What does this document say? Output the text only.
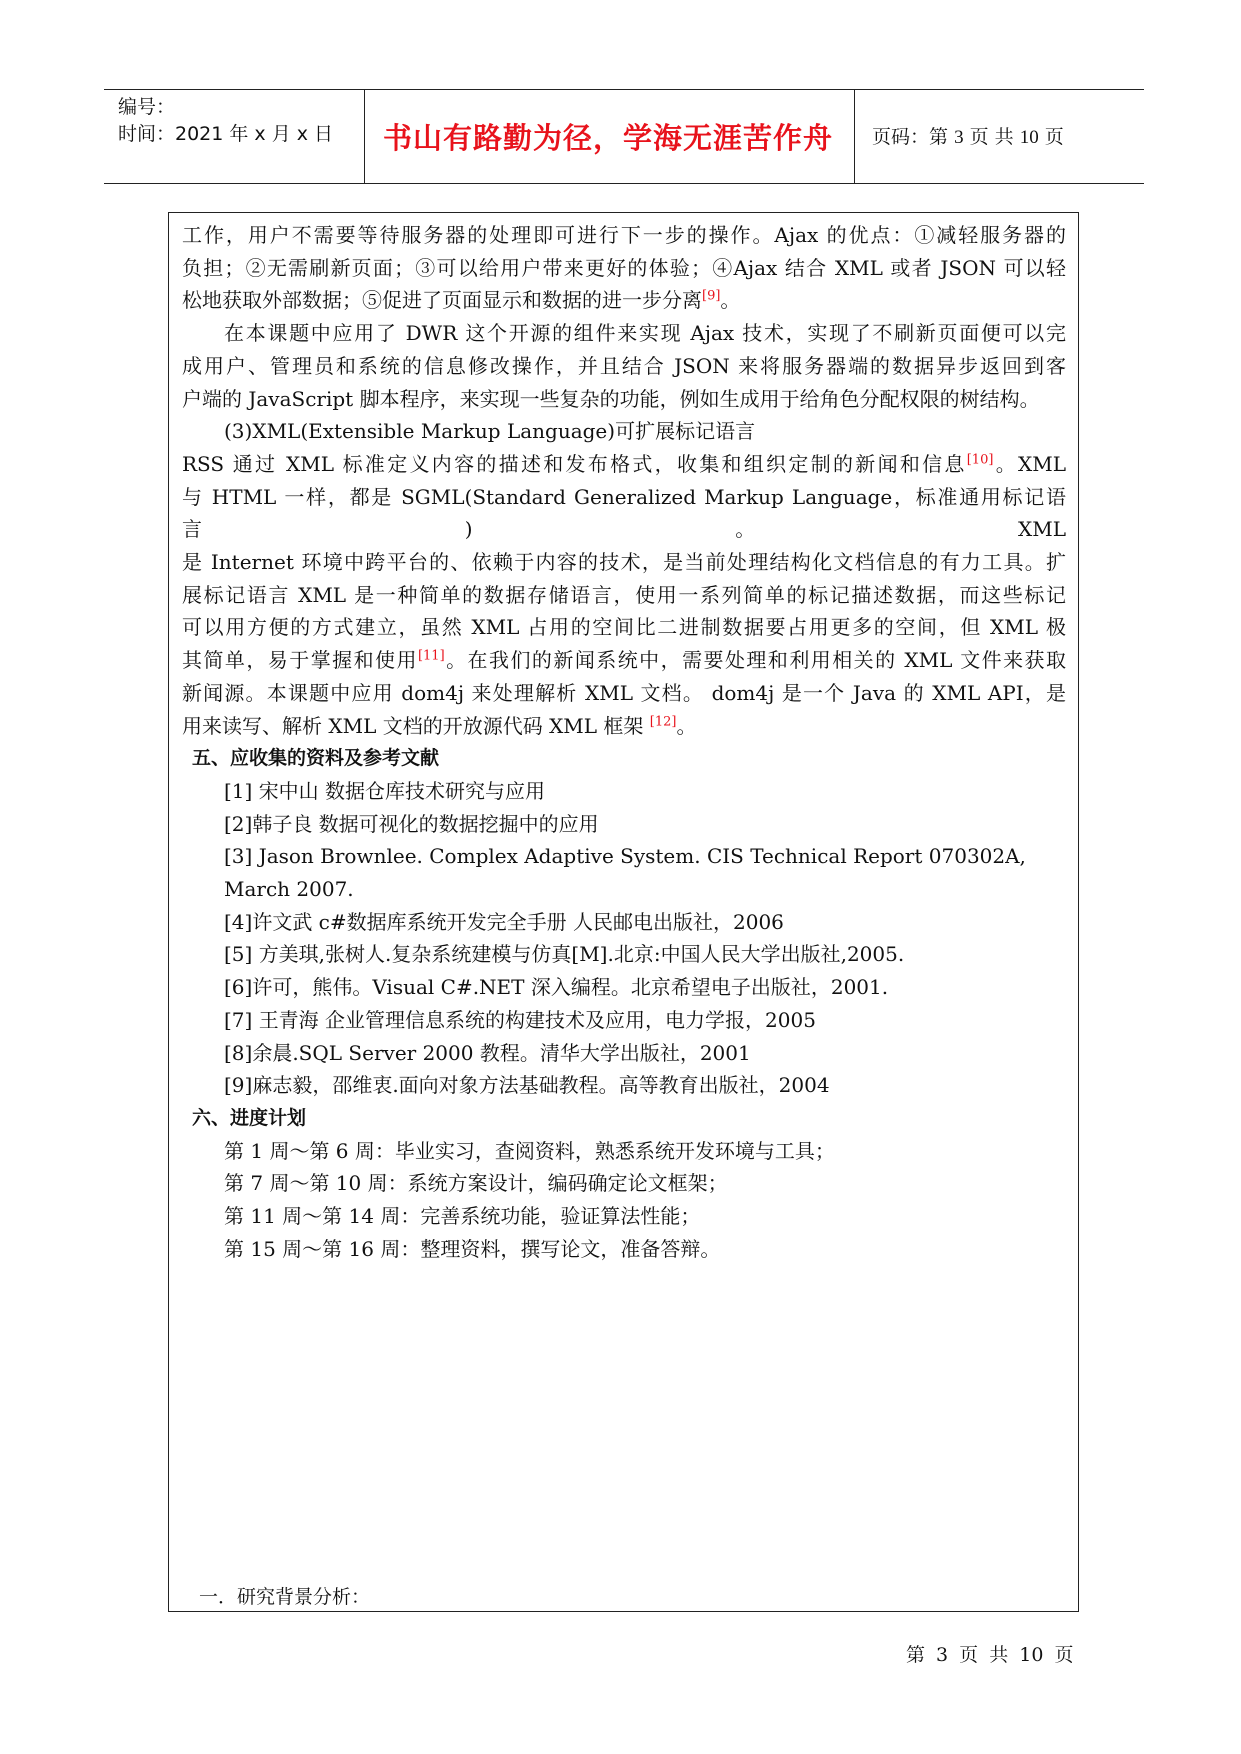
编号：
时间：2021 年 x 月 x 日	书山有路勤为径，学海无涯苦作舟	页码：第 3 页 共 10 页

工作，用户不需要等待服务器的处理即可进行下一步的操作。Ajax 的优点：①减轻服务器的

负担；②无需刷新页面；③可以给用户带来更好的体验；④Ajax 结合 XML 或者 JSON 可以轻

松地获取外部数据；⑤促进了页面显示和数据的进一步分离[9]。

在本课题中应用了 DWR 这个开源的组件来实现 Ajax 技术，实现了不刷新页面便可以完

成用户、管理员和系统的信息修改操作，并且结合 JSON 来将服务器端的数据异步返回到客

户端的 JavaScript 脚本程序，来实现一些复杂的功能，例如生成用于给角色分配权限的树结构。

(3)XML(Extensible Markup Language)可扩展标记语言

RSS 通过 XML 标准定义内容的描述和发布格式，收集和组织定制的新闻和信息[10]。XML

与 HTML 一样，都是 SGML(Standard Generalized Markup Language，标准通用标记语言)。XML

是 Internet 环境中跨平台的、依赖于内容的技术，是当前处理结构化文档信息的有力工具。扩

展标记语言 XML 是一种简单的数据存储语言，使用一系列简单的标记描述数据，而这些标记

可以用方便的方式建立，虽然 XML 占用的空间比二进制数据要占用更多的空间，但 XML 极

其简单，易于掌握和使用[11]。在我们的新闻系统中，需要处理和利用相关的 XML 文件来获取

新闻源。本课题中应用 dom4j 来处理解析 XML 文档。 dom4j 是一个 Java 的 XML API，是

用来读写、解析 XML 文档的开放源代码 XML 框架 [12]。

五、应收集的资料及参考文献

[1] 宋中山 数据仓库技术研究与应用

[2]韩子良 数据可视化的数据挖掘中的应用

[3] Jason Brownlee. Complex Adaptive System. CIS Technical Report 070302A, March 2007.

[4]许文武 c#数据库系统开发完全手册 人民邮电出版社，2006

[5] 方美琪,张树人.复杂系统建模与仿真[M].北京:中国人民大学出版社,2005.

[6]许可，熊伟。Visual C#.NET 深入编程。北京希望电子出版社，2001.

[7] 王青海 企业管理信息系统的构建技术及应用，电力学报，2005

[8]余晨.SQL Server 2000 教程。清华大学出版社，2001

[9]麻志毅，邵维衷.面向对象方法基础教程。高等教育出版社，2004

六、进度计划

第 1 周～第 6 周：毕业实习，查阅资料，熟悉系统开发环境与工具；

第 7 周～第 10 周：系统方案设计，编码确定论文框架；

第 11 周～第 14 周：完善系统功能，验证算法性能；

第 15 周～第 16 周：整理资料，撰写论文，准备答辩。

一．研究背景分析：
第 3 页 共 10 页
